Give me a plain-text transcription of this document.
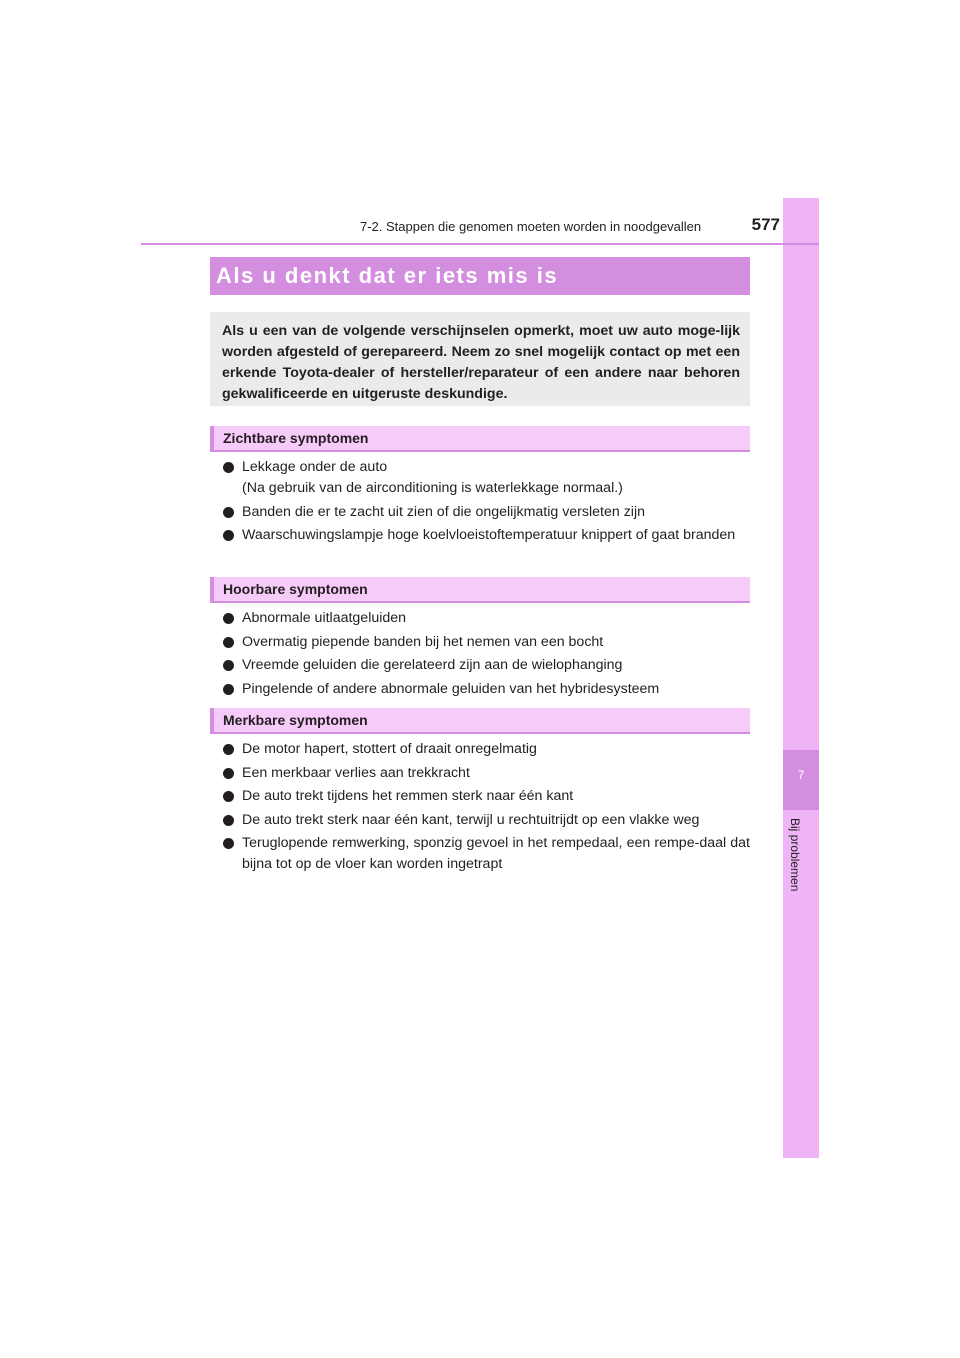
7
Bij problemen
7-2. Stappen die genomen moeten worden in noodgevallen	577
Als u denkt dat er iets mis is

Als u een van de volgende verschijnselen opmerkt, moet uw auto moge-lijk worden afgesteld of gerepareerd. Neem zo snel mogelijk contact op met een erkende Toyota-dealer of hersteller/reparateur of een andere naar behoren gekwalificeerde en uitgeruste deskundige.

Zichtbare symptomen
Lekkage onder de auto
(Na gebruik van de airconditioning is waterlekkage normaal.)
Banden die er te zacht uit zien of die ongelijkmatig versleten zijn
Waarschuwingslampje hoge koelvloeistoftemperatuur knippert of gaat branden
Hoorbare symptomen
Abnormale uitlaatgeluiden
Overmatig piepende banden bij het nemen van een bocht
Vreemde geluiden die gerelateerd zijn aan de wielophanging
Pingelende of andere abnormale geluiden van het hybridesysteem
Merkbare symptomen
De motor hapert, stottert of draait onregelmatig
Een merkbaar verlies aan trekkracht
De auto trekt tijdens het remmen sterk naar één kant
De auto trekt sterk naar één kant, terwijl u rechtuitrijdt op een vlakke weg
Teruglopende remwerking, sponzig gevoel in het rempedaal, een rempe-daal dat bijna tot op de vloer kan worden ingetrapt
